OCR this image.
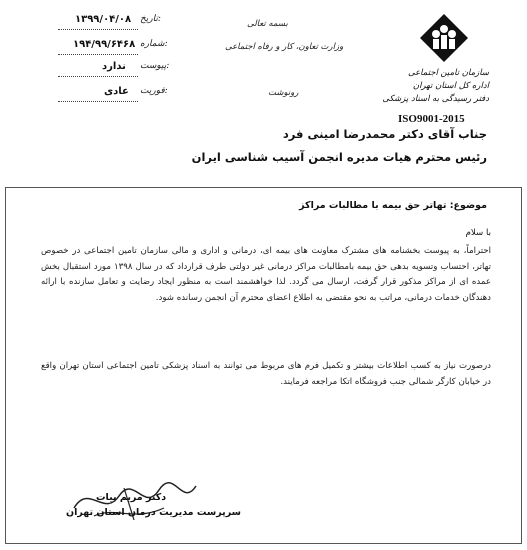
بسمه تعالی
وزارت تعاون، کار و رفاه اجتماعی
رونوشت
سازمان تامین اجتماعی
اداره کل استان تهران
دفتر رسیدگی به اسناد پزشکی
ISO9001-2015
تاریخ:
۱۳۹۹/۰۴/۰۸
شماره:
۱۹۴/۹۹/۶۴۶۸
پیوست:
ندارد
فوریت:
عادی
جناب آقای دکتر محمدرضا امینی فرد
رئیس محترم هیات مدیره انجمن آسیب شناسی ایران
موضوع: تهاتر حق بیمه با مطالبات مراکز
با سلام
احتراماً، به پیوست بخشنامه های مشترک معاونت های بیمه ای، درمانی و اداری و مالی سازمان تامین اجتماعی در خصوص تهاتر، احتساب وتسویه بدهی حق بیمه بامطالبات مراکز درمانی غیر دولتی طرف قرارداد که در سال ۱۳۹۸ مورد استقبال بخش عمده ای از مراکز مذکور قرار گرفت، ارسال می گردد. لذا خواهشمند است به منظور ایجاد رضایت و تعامل سازنده با ارائه دهندگان خدمات درمانی، مراتب به نحو مقتضی به اطلاع اعضای محترم آن انجمن رسانده شود.
درصورت نیاز به کسب اطلاعات بیشتر و تکمیل فرم های مربوط می توانند به اسناد پزشکی تامین اجتماعی استان تهران واقع در خیابان کارگر شمالی جنب فروشگاه اتکا مراجعه فرمایند.
دکتر مریم بیات
سرپرست مدیریت درمان استان تهران
